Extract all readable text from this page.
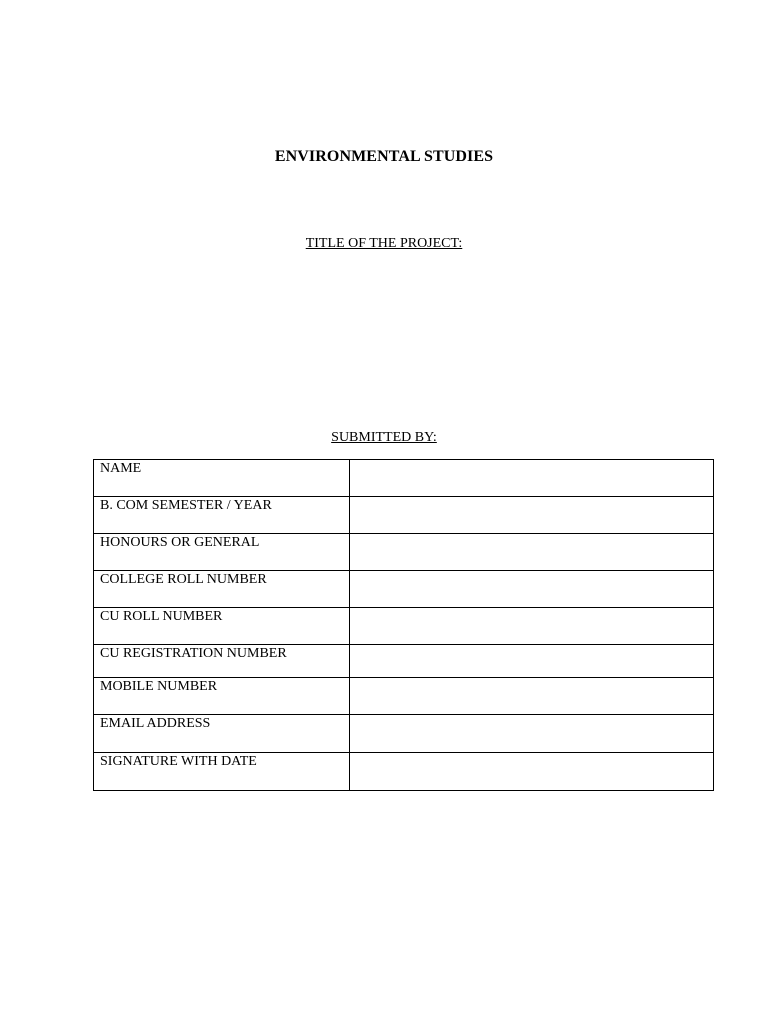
ENVIRONMENTAL STUDIES
TITLE OF THE PROJECT:
SUBMITTED BY:
NAME	
B. COM SEMESTER / YEAR	
HONOURS OR GENERAL	
COLLEGE ROLL NUMBER	
CU ROLL NUMBER	
CU REGISTRATION NUMBER	
MOBILE NUMBER	
EMAIL ADDRESS	
SIGNATURE WITH DATE	
